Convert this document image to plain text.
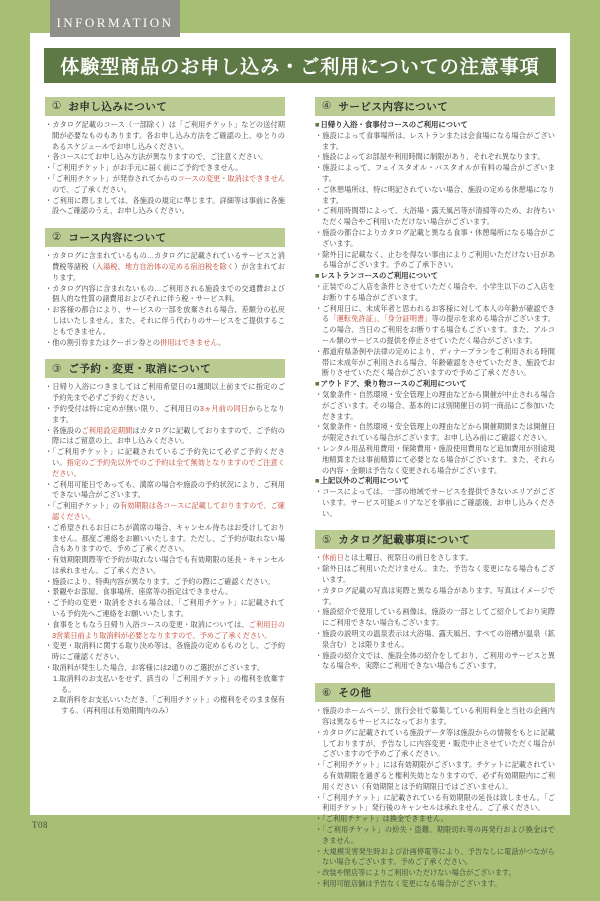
INFORMATION
体験型商品のお申し込み・ご利用についての注意事項
① お申し込みについて
・カタログ記載のコース（一部除く）は「ご利用チケット」などの送付期間が必要なものもあります。各お申し込み方法をご確認の上、ゆとりのあるスケジュールでお申し込みください。
・各コースにてお申し込み方法が異なりますので、ご注意ください。
・「ご利用チケット」がお手元に届く前にご予約できません。
・「ご利用チケット」が発券されてからのコースの変更・取消はできませんので、ご了承ください。
・ご利用に際しましては、各施設の規定に準じます。詳細等は事前に各施設へご確認のうえ、お申し込みください。
② コース内容について
・カタログに含まれているもの…カタログに記載されているサービスと消費税等諸税（入湯税、地方自治体の定める宿泊税を除く）が含まれております。
・カタログ内容に含まれないもの…ご利用される施設までの交通費および個人的な性質の諸費用およびそれに伴う税・サービス料。
・お客様の都合により、サービスの一部を放棄される場合、差額分の払戻しはいたしません。また、それに伴う代わりのサービスをご提供することもできません。
・他の割引券またはクーポン券との併用はできません。
③ ご予約・変更・取消について
・日帰り入浴につきましてはご利用希望日の1週間以上前までに指定のご予約先まで必ずご予約ください。
・予約受付は特に定めが無い限り、ご利用日の3ヵ月前の同日からとなります。
・各施設のご利用設定期間はカタログに記載しておりますので、ご予約の際にはご留意の上、お申し込みください。
・「ご利用チケット」に記載されているご予約先にて必ずご予約ください。指定のご予約先以外でのご予約は全て無効となりますのでご注意ください。
・ご利用可能日であっても、満席の場合や施設の予約状況により、ご利用できない場合がございます。
・「ご利用チケット」の有効期限は各コースに記載しておりますので、ご確認ください。
・ご希望されるお日にちが満席の場合、キャンセル待ちはお受けしておりません。都度ご連絡をお願いいたします。ただし、ご予約が取れない場合もありますので、予めご了承ください。
・有効期限間際等で予約が取れない場合でも有効期限の延長・キャンセルは承れません。ご了承ください。
・施設により、特典内容が異なります。ご予約の際にご確認ください。
・景観やお部屋、食事場所、座席等の指定はできません。
・ご予約の変更・取消をされる場合は、「ご利用チケット」に記載されている予約先へご連絡をお願いいたします。
・食事をともなう日帰り入浴コースの変更・取消については、ご利用日の3営業日前より取消料が必要となりますので、予めご了承ください。
・変更・取消料に関する取り決め等は、各施設の定めるものとし、ご予約時にご確認ください。
・取消料が発生した場合、お客様には2通りのご選択がございます。
1.取消料のお支払いをせず、該当の「ご利用チケット」の権利を放棄する。
2.取消料をお支払いいただき、「ご利用チケット」の権利をそのまま保有する。（再利用は有効期間内のみ）
④ サービス内容について
■日帰り入浴・食事付コースのご利用について
・施設によって食事場所は、レストランまたは会食場になる場合がございます。
・施設によってお部屋や利用時間に制限があり、それぞれ異なります。
・施設によって、フェイスタオル・バスタオルが有料の場合がございます。
・ご休憩場所は、特に明記されていない場合、施設の定める休憩場になります。
・ご利用時間帯によって、大浴場・露天風呂等が清掃等のため、お待ちいただく場合やご利用いただけない場合がございます。
・施設の都合によりカタログ記載と異なる食事・休憩場所になる場合がございます。
・除外日に記載なく、止むを得ない事由によりご利用いただけない日がある場合がございます。予めご了承下さい。
■レストランコースのご利用について
・正装でのご入店を条件とさせていただく場合や、小学生以下のご入店をお断りする場合がございます。
・ご利用日に、未成年者と思われるお客様に対して本人の年齢が確認できる「運転免許証」、「身分証明書」等の提示を求める場合がございます。この場合、当日のご利用をお断りする場合もございます。また、アルコール類のサービスの提供を停止させていただく場合がございます。
・都道府県条例や法律の定めにより、ディナープランをご利用される時間帯に未成年がご利用される場合、年齢確認をさせていただき、施設でお断りさせていただく場合がございますので予めご了承ください。
■アウトドア、乗り物コースのご利用について
・気象条件・自然環境・安全管理上の理由などから開催が中止される場合がございます。その場合、基本的には別開催日の同一商品にご参加いただきます。
・気象条件・自然環境・安全管理上の理由などから開催期間または開催日が限定されている場合がございます。お申し込み前にご確認ください。
・レンタル用品利用費用・保険費用・施設使用費用など追加費用が別途現地精算または事前精算にて必要となる場合がございます。また、それらの内容・金額は予告なく変更される場合がございます。
■上記以外のご利用について
・コースによっては、一部の地域でサービスを提供できないエリアがございます。サービス可能エリアなどを事前にご確認後、お申し込みください。
⑤ カタログ記載事項について
・休前日とは土曜日、祝祭日の前日をさします。
・除外日はご利用いただけません。また、予告なく変更になる場合もございます。
・カタログ記載の写真は実際と異なる場合があります。写真はイメージです。
・施設紹介で使用している画像は、施設の一部としてご紹介しており実際にご利用できない場合もございます。
・施設の説明文の温泉表示は大浴場、露天風呂、すべての浴槽が温泉（鉱泉含む）とは限りません。
・施設の紹介文では、施設全体の紹介をしており、ご利用のサービスと異なる場合や、実際にご利用できない場合もございます。
⑥ その他
・施設のホームページ、旅行会社で募集している利用料金と当社の企画内容は異なるサービスになっております。
・カタログに記載されている施設データ等は施設からの情報をもとに記載しておりますが、予告なしに内容変更・販売中止させていただく場合がございますので予めご了承ください。
・「ご利用チケット」には有効期限がございます。チケットに記載されている有効期限を過ぎると権利失効となりますので、必ず有効期限内にご利用ください（有効期限とは予約期限日ではございません）。
・「ご利用チケット」に記載されている有効期限の延長は致しません。「ご利用チケット」発行後のキャンセルは承れません。ご了承ください。
・「ご利用チケット」は換金できません。
・「ご利用チケット」の紛失・盗難、期限切れ等の再発行および換金はできません。
・大規模災害発生時および計画停電等により、予告なしに電話がつながらない場合もございます。予めご了承ください。
・改装や閉店等によりご利用いただけない場合がございます。
・利用可能店舗は予告なく変更になる場合がございます。
T08
